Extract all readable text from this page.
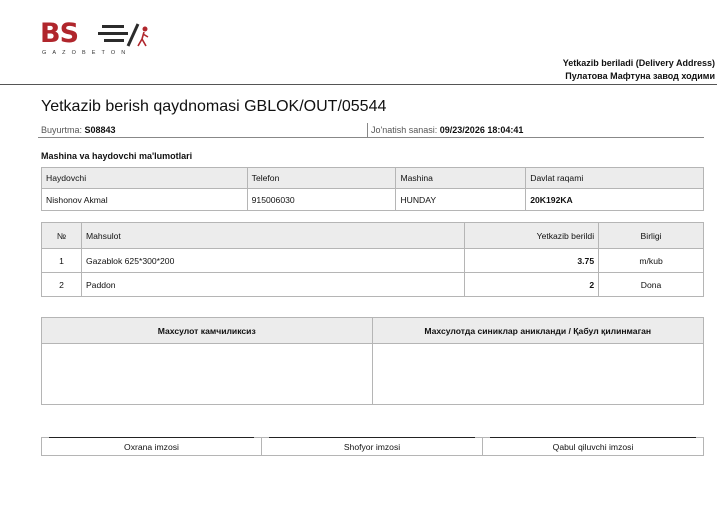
BS
GAZOBETON
Yetkazib beriladi (Delivery Address)
Пулатова Мафтуна завод ходими
Yetkazib berish qaydnomasi GBLOK/OUT/05544
Buyurtma: S08843	Jo'natish sanasi: 09/23/2026 18:04:41
Mashina va haydovchi ma'lumotlari
Haydovchi	Telefon	Mashina	Davlat raqami
Nishonov Akmal	915006030	HUNDAY	20K192KA
№	Mahsulot	Yetkazib berildi	Birligi
1	Gazablok 625*300*200	3.75	m/kub
2	Paddon	2	Dona
Махсулот камчиликсиз	Махсулотда синиклар аникланди / Қабул қилинмаган

Oxrana imzosi	Shofyor imzosi	Qabul qiluvchi imzosi
